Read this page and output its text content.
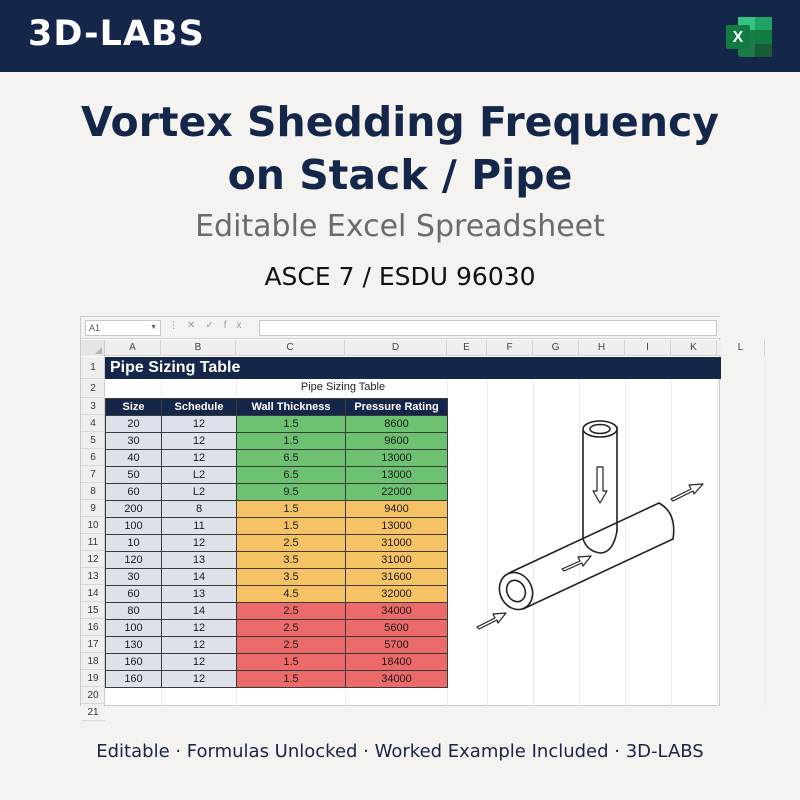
3D-LABS	X
Vortex Shedding Frequency
on Stack / Pipe
Editable Excel Spreadsheet
ASCE 7 / ESDU 96030
A1	▼ ⋮ ✕✓fx
A	B	C	D	E	F	G	H	I	K	L
1
2
3
4
5
6
7
8
9
10
11
12
13
14
15
16
17
18
19
20
21
Pipe Sizing Table
Pipe Sizing Table
Size	Schedule	Wall Thickness	Pressure Rating
20	12	1.5	8600
30	12	1.5	9600
40	12	6.5	13000
50	L2	6.5	13000
60	L2	9.5	22000
200	8	1.5	9400
100	11	1.5	13000
10	12	2.5	31000
120	13	3.5	31000
30	14	3.5	31600
60	13	4.5	32000
80	14	2.5	34000
100	12	2.5	5600
130	12	2.5	5700
160	12	1.5	18400
160	12	1.5	34000
Editable · Formulas Unlocked · Worked Example Included · 3D-LABS
